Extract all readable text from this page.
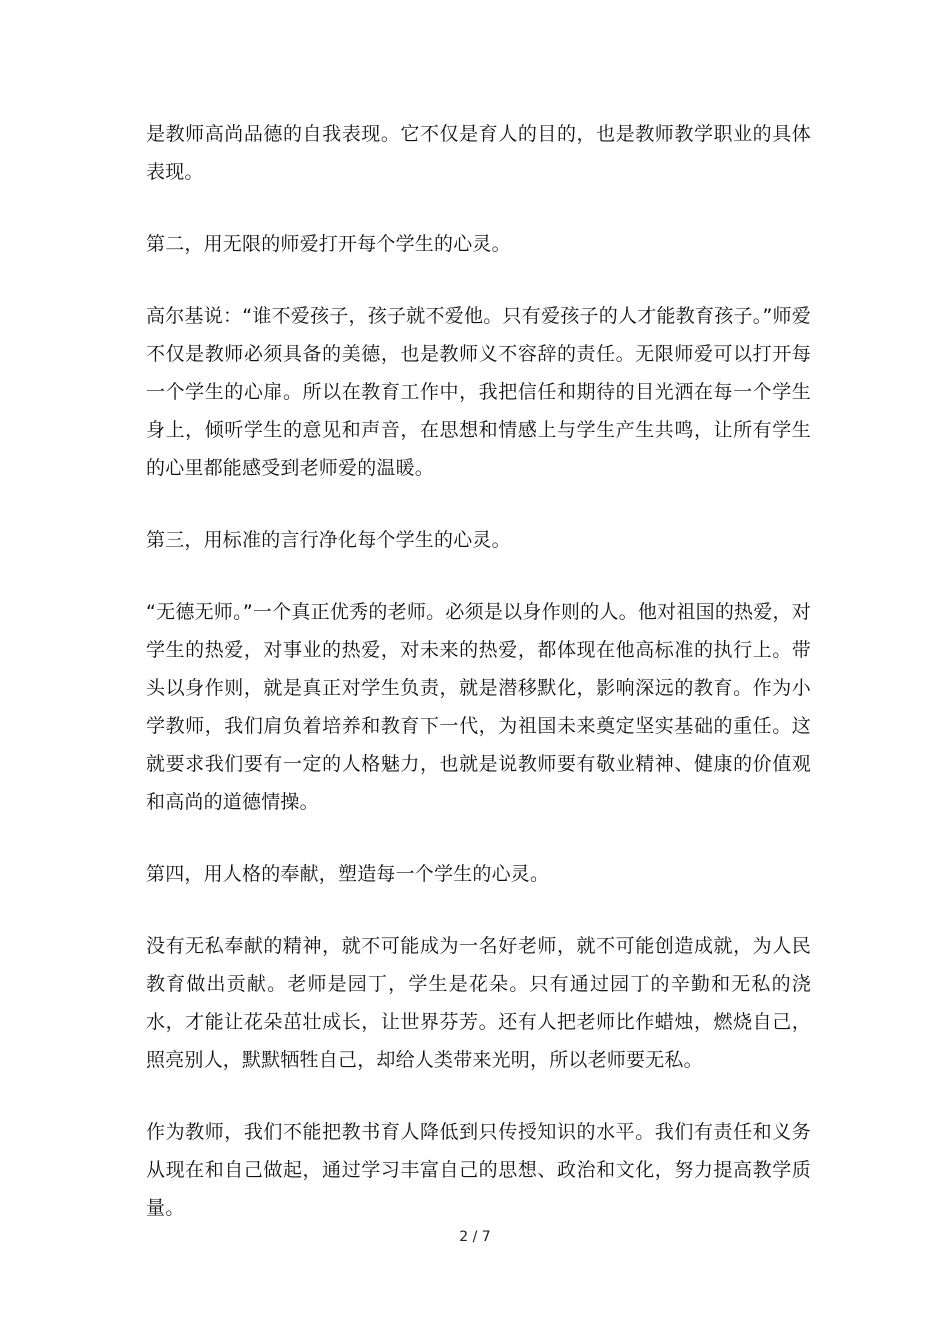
是教师高尚品德的自我表现。它不仅是育人的目的，也是教师教学职业的具体表现。

第二，用无限的师爱打开每个学生的心灵。

高尔基说：“谁不爱孩子，孩子就不爱他。只有爱孩子的人才能教育孩子。”师爱不仅是教师必须具备的美德，也是教师义不容辞的责任。无限师爱可以打开每一个学生的心扉。所以在教育工作中，我把信任和期待的目光洒在每一个学生身上，倾听学生的意见和声音，在思想和情感上与学生产生共鸣，让所有学生的心里都能感受到老师爱的温暖。

第三，用标准的言行净化每个学生的心灵。

“无德无师。”一个真正优秀的老师。必须是以身作则的人。他对祖国的热爱，对学生的热爱，对事业的热爱，对未来的热爱，都体现在他高标准的执行上。带头以身作则，就是真正对学生负责，就是潜移默化，影响深远的教育。作为小学教师，我们肩负着培养和教育下一代，为祖国未来奠定坚实基础的重任。这就要求我们要有一定的人格魅力，也就是说教师要有敬业精神、健康的价值观和高尚的道德情操。

第四，用人格的奉献，塑造每一个学生的心灵。

没有无私奉献的精神，就不可能成为一名好老师，就不可能创造成就，为人民教育做出贡献。老师是园丁，学生是花朵。只有通过园丁的辛勤和无私的浇水，才能让花朵茁壮成长，让世界芬芳。还有人把老师比作蜡烛，燃烧自己，照亮别人，默默牺牲自己，却给人类带来光明，所以老师要无私。

作为教师，我们不能把教书育人降低到只传授知识的水平。我们有责任和义务从现在和自己做起，通过学习丰富自己的思想、政治和文化，努力提高教学质量。

2 / 7
